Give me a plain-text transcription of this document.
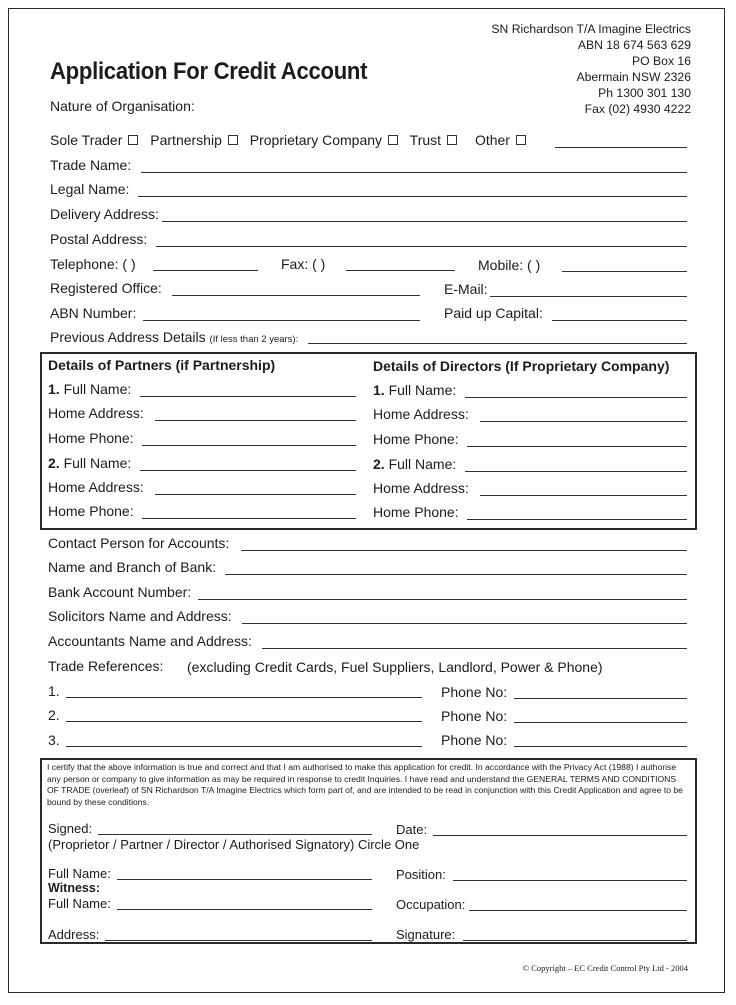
Application For Credit Account
SN Richardson T/A Imagine Electrics
ABN 18 674 563 629
PO Box 16
Abermain NSW 2326
Ph 1300 301 130
Fax (02) 4930 4222
Nature of Organisation:
Sole Trader Partnership Proprietary Company Trust Other
Trade Name:
Legal Name:
Delivery Address:
Postal Address:
Telephone: ( )	Fax: ( )	Mobile: ( )
Registered Office:	E-Mail:
ABN Number:	Paid up Capital:
Previous Address Details (If less than 2 years):
Details of Partners (if Partnership)
1. Full Name:
Home Address:
Home Phone:
2. Full Name:
Home Address:
Home Phone:
Details of Directors (If Proprietary Company)
1. Full Name:
Home Address:
Home Phone:
2. Full Name:
Home Address:
Home Phone:
Contact Person for Accounts:
Name and Branch of Bank:
Bank Account Number:
Solicitors Name and Address:
Accountants Name and Address:
Trade References: (excluding Credit Cards, Fuel Suppliers, Landlord, Power & Phone)
1.	Phone No:
2.	Phone No:
3.	Phone No:
I certify that the above information is true and correct and that I am authorised to make this application for credit. In accordance with the Privacy Act (1988) I authorise any person or company to give information as may be required in response to credit Inquiries. I have read and understand the GENERAL TERMS AND CONDITIONS OF TRADE (overleaf) of SN Richardson T/A Imagine Electrics which form part of, and are intended to be read in conjunction with this Credit Application and agree to be bound by these conditions.
Signed:	Date:
(Proprietor / Partner / Director / Authorised Signatory) Circle One
Full Name:	Position:
Witness:
Full Name:	Occupation:
Address:	Signature:
© Copyright – EC Credit Control Pty Ltd - 2004
